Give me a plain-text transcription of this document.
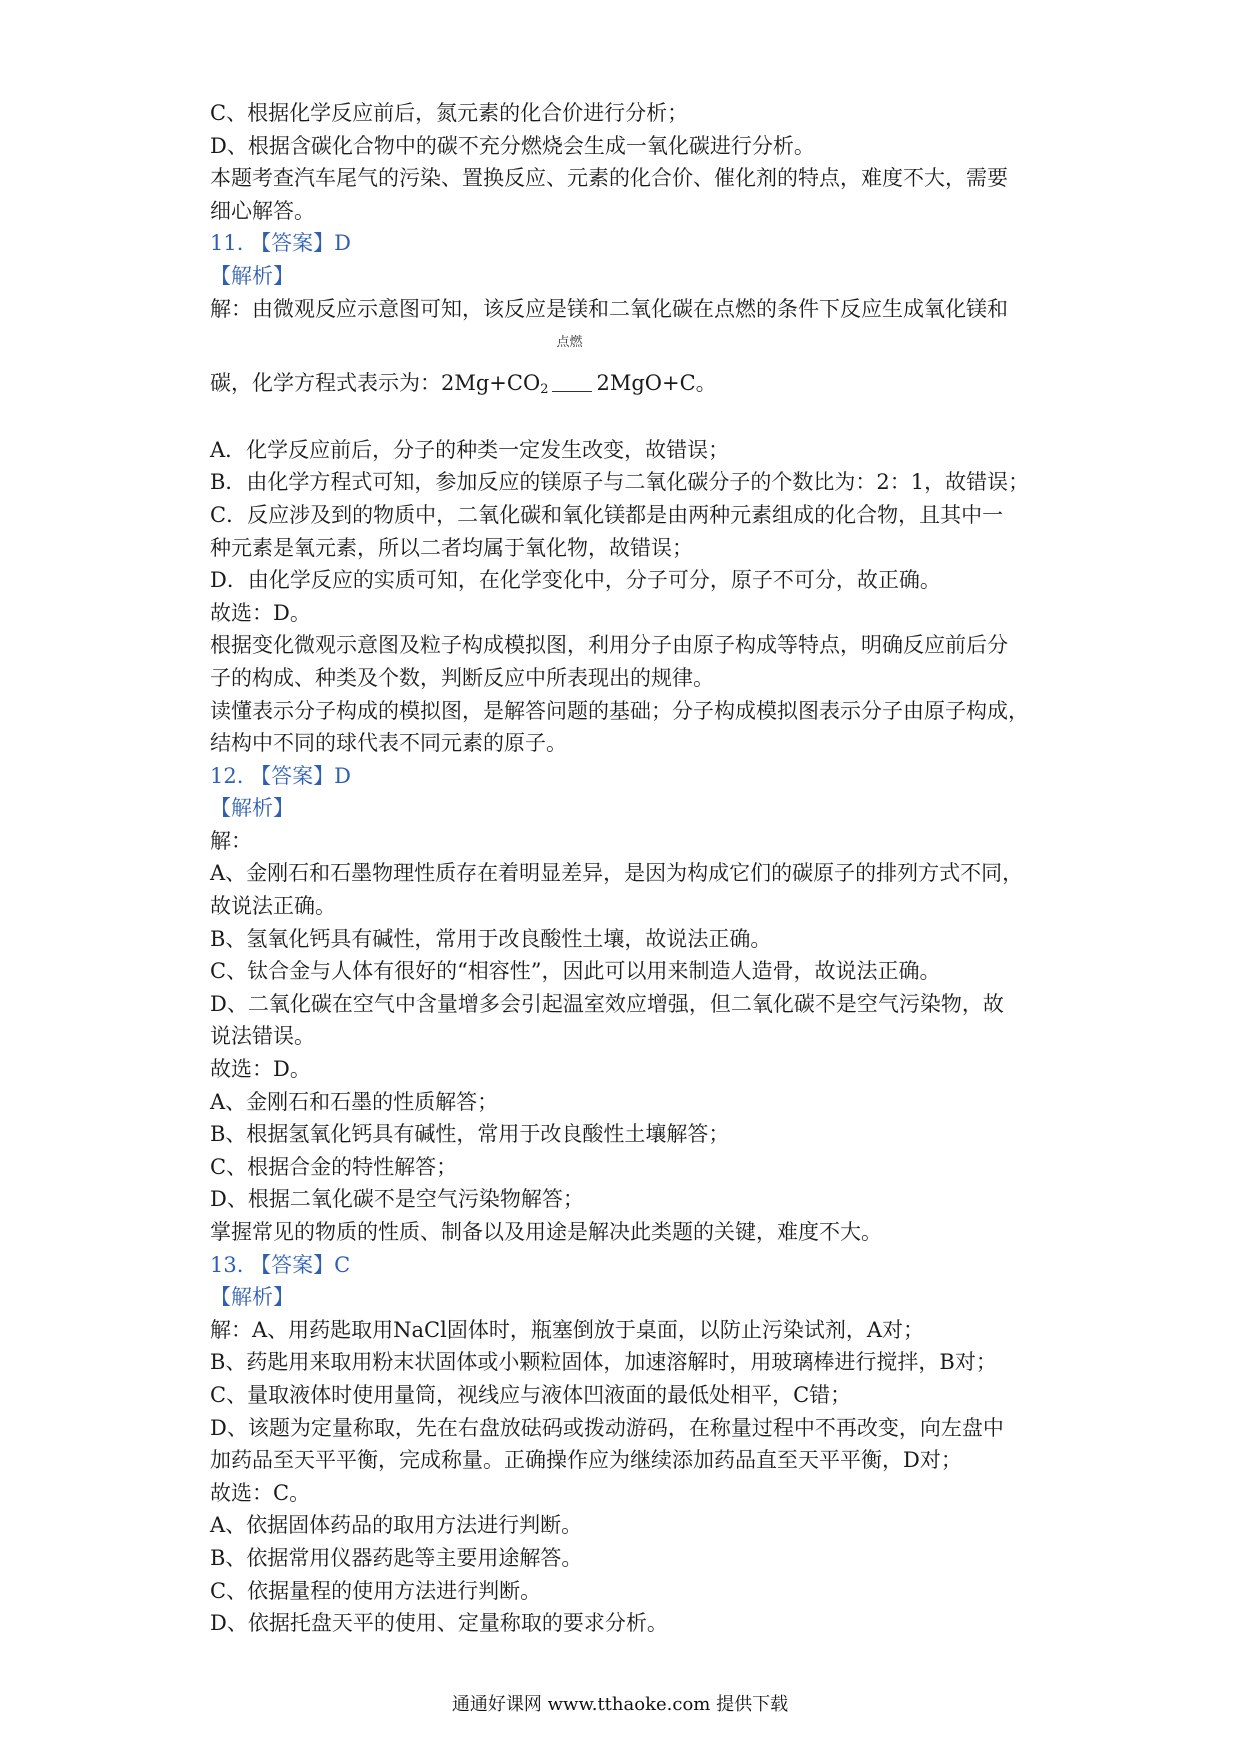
C、根据化学反应前后，氮元素的化合价进行分析；
D、根据含碳化合物中的碳不充分燃烧会生成一氧化碳进行分析。
本题考查汽车尾气的污染、置换反应、元素的化合价、催化剂的特点，难度不大，需要
细心解答。
11. 【答案】D
【解析】
解：由微观反应示意图可知，该反应是镁和二氧化碳在点燃的条件下反应生成氧化镁和
碳，化学方程式表示为：$2Mg+CO_2$
点燃
2MgO+C。
A．化学反应前后，分子的种类一定发生改变，故错误；
B．由化学方程式可知，参加反应的镁原子与二氧化碳分子的个数比为：2：1，故错误；
C．反应涉及到的物质中，二氧化碳和氧化镁都是由两种元素组成的化合物，且其中一
种元素是氧元素，所以二者均属于氧化物，故错误；
D．由化学反应的实质可知，在化学变化中，分子可分，原子不可分，故正确。
故选：D。
根据变化微观示意图及粒子构成模拟图，利用分子由原子构成等特点，明确反应前后分
子的构成、种类及个数，判断反应中所表现出的规律。
读懂表示分子构成的模拟图，是解答问题的基础；分子构成模拟图表示分子由原子构成，
结构中不同的球代表不同元素的原子。
12. 【答案】D
【解析】
解：
A、金刚石和石墨物理性质存在着明显差异，是因为构成它们的碳原子的排列方式不同，
故说法正确。
B、氢氧化钙具有碱性，常用于改良酸性土壤，故说法正确。
C、钛合金与人体有很好的“相容性”，因此可以用来制造人造骨，故说法正确。
D、二氧化碳在空气中含量增多会引起温室效应增强，但二氧化碳不是空气污染物，故
说法错误。
故选：D。
A、金刚石和石墨的性质解答；
B、根据氢氧化钙具有碱性，常用于改良酸性土壤解答；
C、根据合金的特性解答；
D、根据二氧化碳不是空气污染物解答；
掌握常见的物质的性质、制备以及用途是解决此类题的关键，难度不大。
13. 【答案】C
【解析】
解：A、用药匙取用NaCl固体时，瓶塞倒放于桌面，以防止污染试剂，A对；
B、药匙用来取用粉末状固体或小颗粒固体，加速溶解时，用玻璃棒进行搅拌，B对；
C、量取液体时使用量筒，视线应与液体凹液面的最低处相平，C错；
D、该题为定量称取，先在右盘放砝码或拨动游码，在称量过程中不再改变，向左盘中
加药品至天平平衡，完成称量。正确操作应为继续添加药品直至天平平衡，D对；
故选：C。
A、依据固体药品的取用方法进行判断。
B、依据常用仪器药匙等主要用途解答。
C、依据量程的使用方法进行判断。
D、依据托盘天平的使用、定量称取的要求分析。
通通好课网 www.tthaoke.com 提供下载
